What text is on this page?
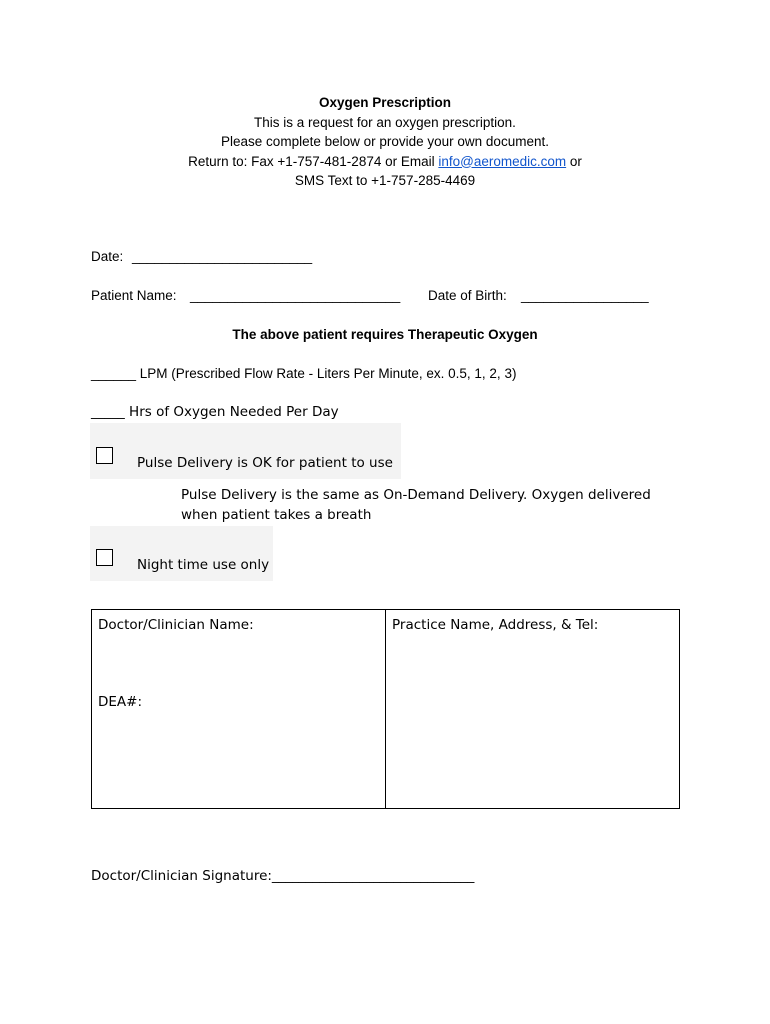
Oxygen Prescription
This is a request for an oxygen prescription.
Please complete below or provide your own document.
Return to: Fax +1-757-481-2874 or Email info@aeromedic.com or
SMS Text to +1-757-285-4469
Date: ________________________
Patient Name: ____________________________ Date of Birth: _________________
The above patient requires Therapeutic Oxygen
______ LPM (Prescribed Flow Rate - Liters Per Minute, ex. 0.5, 1, 2, 3)
_____ Hrs of Oxygen Needed Per Day
Pulse Delivery is OK for patient to use
Pulse Delivery is the same as On-Demand Delivery. Oxygen delivered
when patient takes a breath
Night time use only
Doctor/Clinician Name:
DEA#:
Practice Name, Address, & Tel:
Doctor/Clinician Signature:______________________________
